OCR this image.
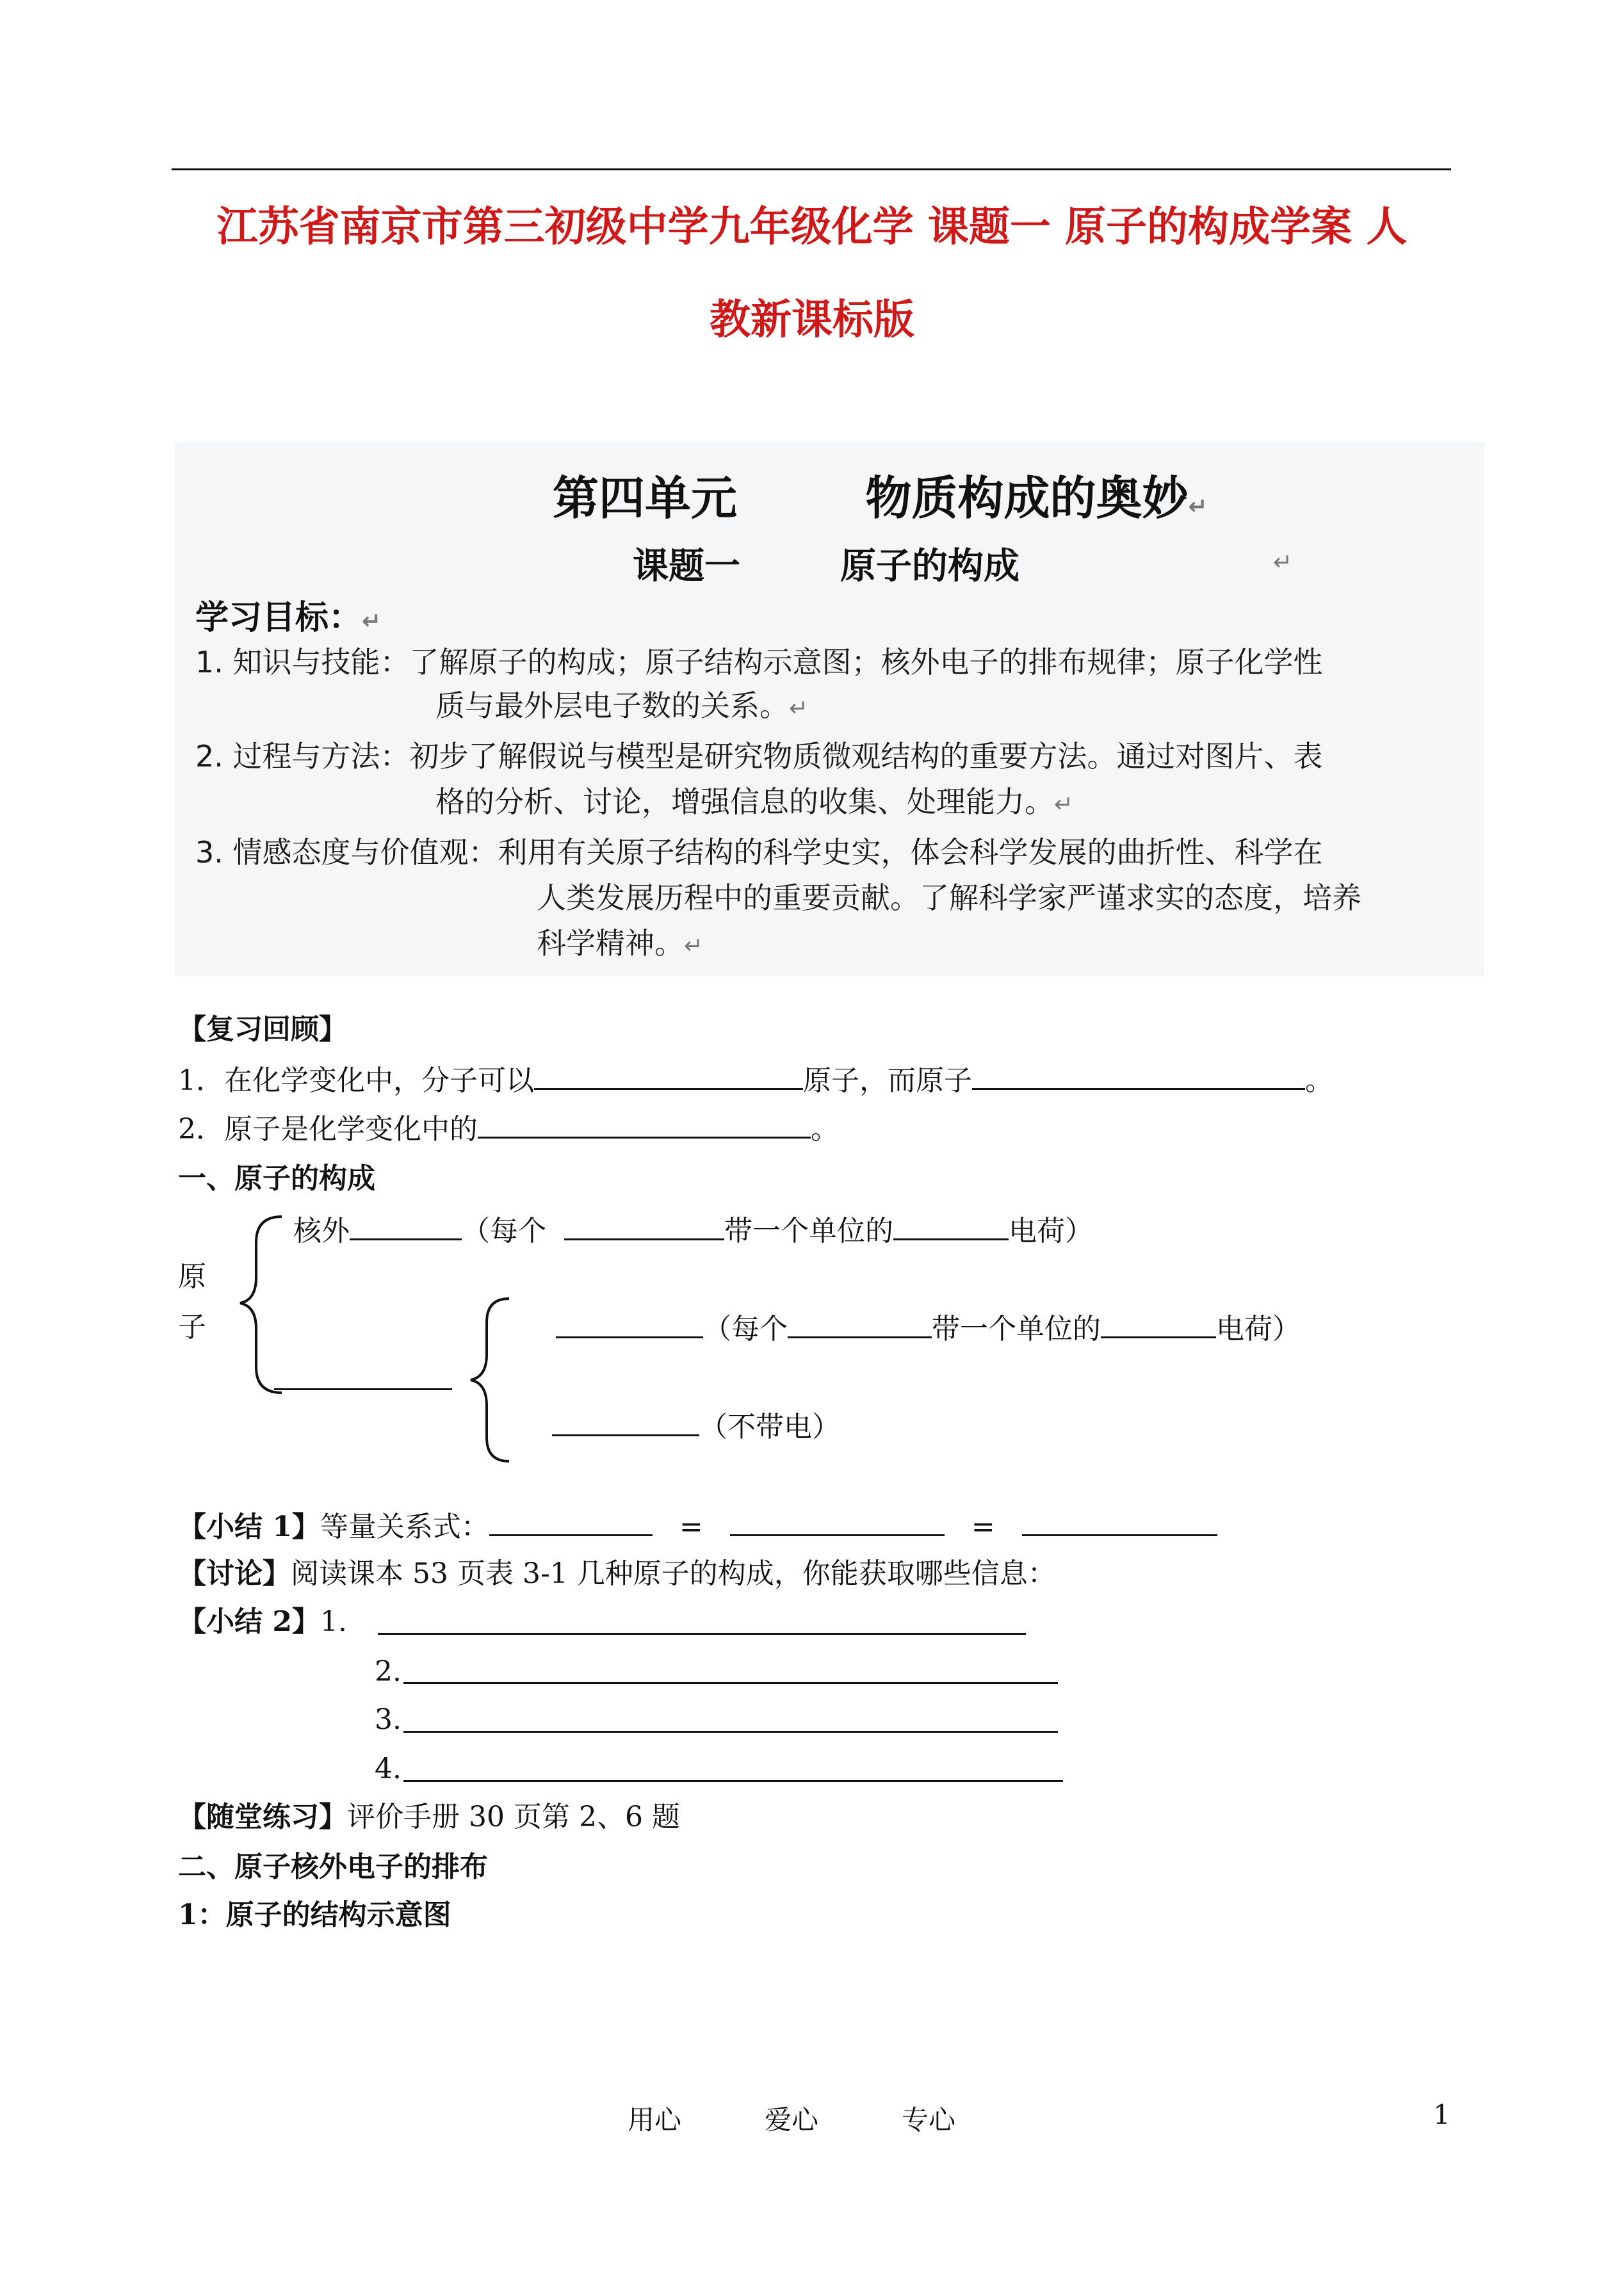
江苏省南京市第三初级中学九年级化学 课题一 原子的构成学案 人
教新课标版
第四单元        物质构成的奥妙↵
课题一        原子的构成	↵
学习目标：↵
1. 知识与技能：了解原子的构成；原子结构示意图；核外电子的排布规律；原子化学性
质与最外层电子数的关系。↵
2. 过程与方法：初步了解假说与模型是研究物质微观结构的重要方法。通过对图片、表
格的分析、讨论，增强信息的收集、处理能力。↵
3. 情感态度与价值观：利用有关原子结构的科学史实，体会科学发展的曲折性、科学在
人类发展历程中的重要贡献。了解科学家严谨求实的态度，培养
科学精神。↵
【复习回顾】
1．在化学变化中，分子可以	原子，而原子	。
2．原子是化学变化中的	。
一、原子的构成
原
子
核外	（每个	带一个单位的	电荷）
（每个	带一个单位的	电荷）
（不带电）
【小结 1】等量关系式：	=	=
【讨论】阅读课本 53 页表 3-1 几种原子的构成，你能获取哪些信息：
【小结 2】1.
2.
3.
4.
【随堂练习】评价手册 30 页第 2、6 题
二、原子核外电子的排布
1：原子的结构示意图
用心	爱心	专心	1
